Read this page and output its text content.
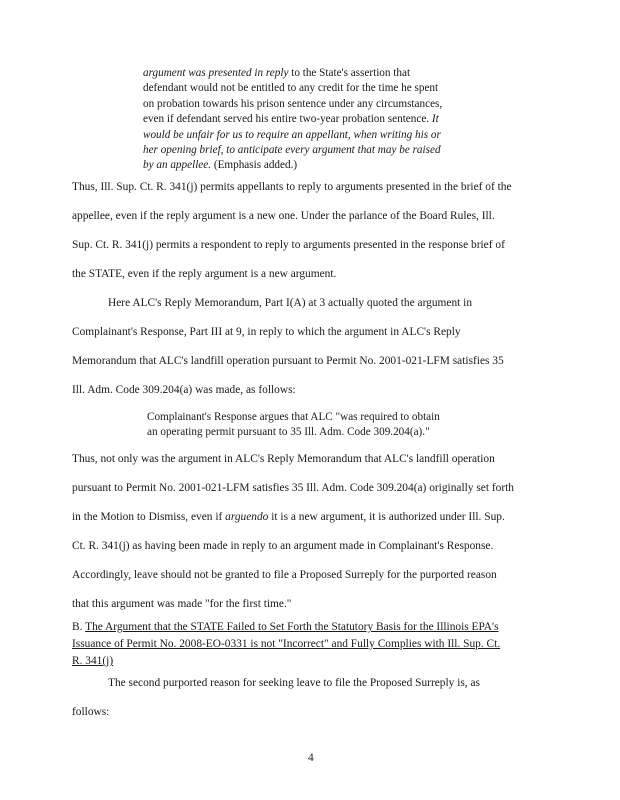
argument was presented in reply to the State's assertion that
defendant would not be entitled to any credit for the time he spent
on probation towards his prison sentence under any circumstances,
even if defendant served his entire two-year probation sentence. It
would be unfair for us to require an appellant, when writing his or
her opening brief, to anticipate every argument that may be raised
by an appellee. (Emphasis added.)
Thus, Ill. Sup. Ct. R. 341(j) permits appellants to reply to arguments presented in the brief of the
appellee, even if the reply argument is a new one. Under the parlance of the Board Rules, Ill.
Sup. Ct. R. 341(j) permits a respondent to reply to arguments presented in the response brief of
the STATE, even if the reply argument is a new argument.
Here ALC's Reply Memorandum, Part I(A) at 3 actually quoted the argument in
Complainant's Response, Part III at 9, in reply to which the argument in ALC's Reply
Memorandum that ALC's landfill operation pursuant to Permit No. 2001-021-LFM satisfies 35
Ill. Adm. Code 309.204(a) was made, as follows:
Complainant's Response argues that ALC "was required to obtain
an operating permit pursuant to 35 Ill. Adm. Code 309.204(a)."
Thus, not only was the argument in ALC's Reply Memorandum that ALC's landfill operation
pursuant to Permit No. 2001-021-LFM satisfies 35 Ill. Adm. Code 309.204(a) originally set forth
in the Motion to Dismiss, even if arguendo it is a new argument, it is authorized under Ill. Sup.
Ct. R. 341(j) as having been made in reply to an argument made in Complainant's Response.
Accordingly, leave should not be granted to file a Proposed Surreply for the purported reason
that this argument was made "for the first time."
B. The Argument that the STATE Failed to Set Forth the Statutory Basis for the Illinois EPA's
Issuance of Permit No. 2008-EO-0331 is not "Incorrect" and Fully Complies with Ill. Sup. Ct.
R. 341(j)
The second purported reason for seeking leave to file the Proposed Surreply is, as
follows:
4
